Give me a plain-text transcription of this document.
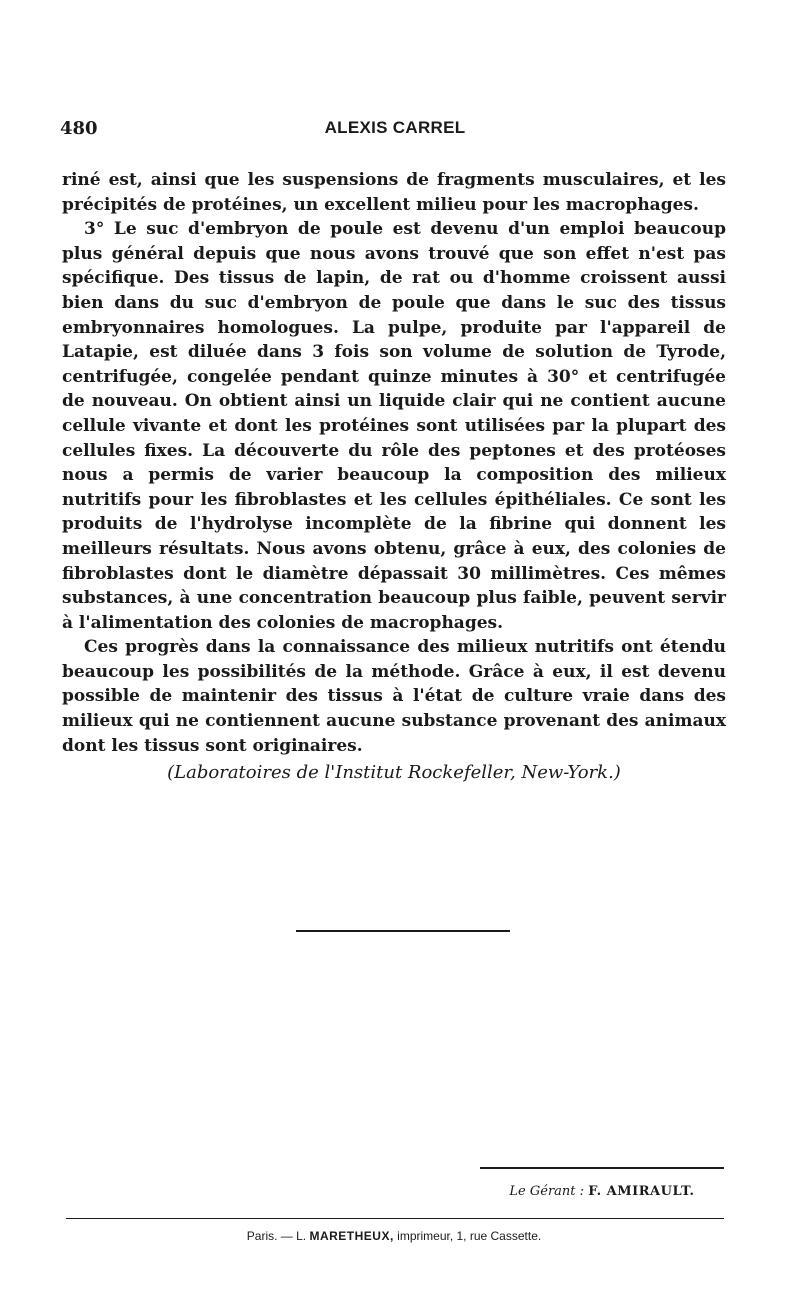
480	ALEXIS CARREL

riné est, ainsi que les suspensions de fragments musculaires, et les précipités de protéines, un excellent milieu pour les macrophages.

3° Le suc d'embryon de poule est devenu d'un emploi beaucoup plus général depuis que nous avons trouvé que son effet n'est pas spécifique. Des tissus de lapin, de rat ou d'homme croissent aussi bien dans du suc d'embryon de poule que dans le suc des tissus embryonnaires homologues. La pulpe, produite par l'appareil de Latapie, est diluée dans 3 fois son volume de solution de Tyrode, centrifugée, congelée pendant quinze minutes à 30° et centrifugée de nouveau. On obtient ainsi un liquide clair qui ne contient aucune cellule vivante et dont les protéines sont utilisées par la plupart des cellules fixes. La découverte du rôle des peptones et des protéoses nous a permis de varier beaucoup la composition des milieux nutritifs pour les fibroblastes et les cellules épithéliales. Ce sont les produits de l'hydrolyse incomplète de la fibrine qui donnent les meilleurs résultats. Nous avons obtenu, grâce à eux, des colonies de fibroblastes dont le diamètre dépassait 30 millimètres. Ces mêmes substances, à une concentration beaucoup plus faible, peuvent servir à l'alimentation des colonies de macrophages.

Ces progrès dans la connaissance des milieux nutritifs ont étendu beaucoup les possibilités de la méthode. Grâce à eux, il est devenu possible de maintenir des tissus à l'état de culture vraie dans des milieux qui ne contiennent aucune substance provenant des animaux dont les tissus sont originaires.

(Laboratoires de l'Institut Rockefeller, New-York.)
Le Gérant : F. AMIRAULT.
Paris. — L. MARETHEUX, imprimeur, 1, rue Cassette.
